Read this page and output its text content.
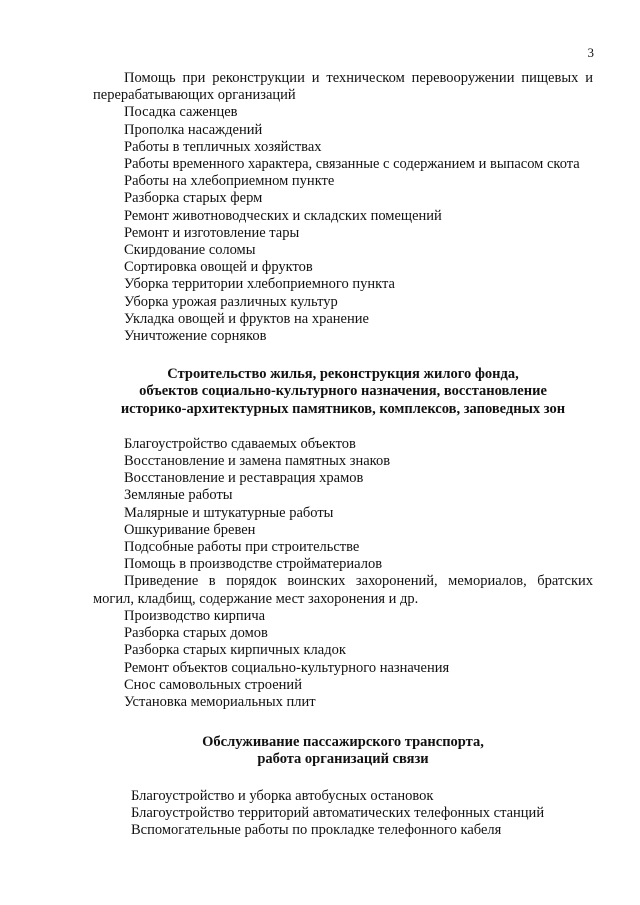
3
Помощь при реконструкции и техническом перевооружении пищевых и перерабатывающих организаций
Посадка саженцев
Прополка насаждений
Работы в тепличных хозяйствах
Работы временного характера, связанные с содержанием и выпасом скота
Работы на хлебоприемном пункте
Разборка старых ферм
Ремонт животноводческих и складских помещений
Ремонт и изготовление тары
Скирдование соломы
Сортировка овощей и фруктов
Уборка территории хлебоприемного пункта
Уборка урожая различных культур
Укладка овощей и фруктов на хранение
Уничтожение сорняков
Строительство жилья, реконструкция жилого фонда,
объектов социально-культурного назначения, восстановление
историко-архитектурных памятников, комплексов, заповедных зон
Благоустройство сдаваемых объектов
Восстановление и замена памятных знаков
Восстановление и реставрация храмов
Земляные работы
Малярные и штукатурные работы
Ошкуривание бревен
Подсобные работы при строительстве
Помощь в производстве стройматериалов
Приведение в порядок воинских захоронений, мемориалов, братских могил, кладбищ, содержание мест захоронения и др.
Производство кирпича
Разборка старых домов
Разборка старых кирпичных кладок
Ремонт объектов социально-культурного назначения
Снос самовольных строений
Установка мемориальных плит
Обслуживание пассажирского транспорта,
работа организаций связи
Благоустройство и уборка автобусных остановок
Благоустройство территорий автоматических телефонных станций
Вспомогательные работы по прокладке телефонного кабеля
